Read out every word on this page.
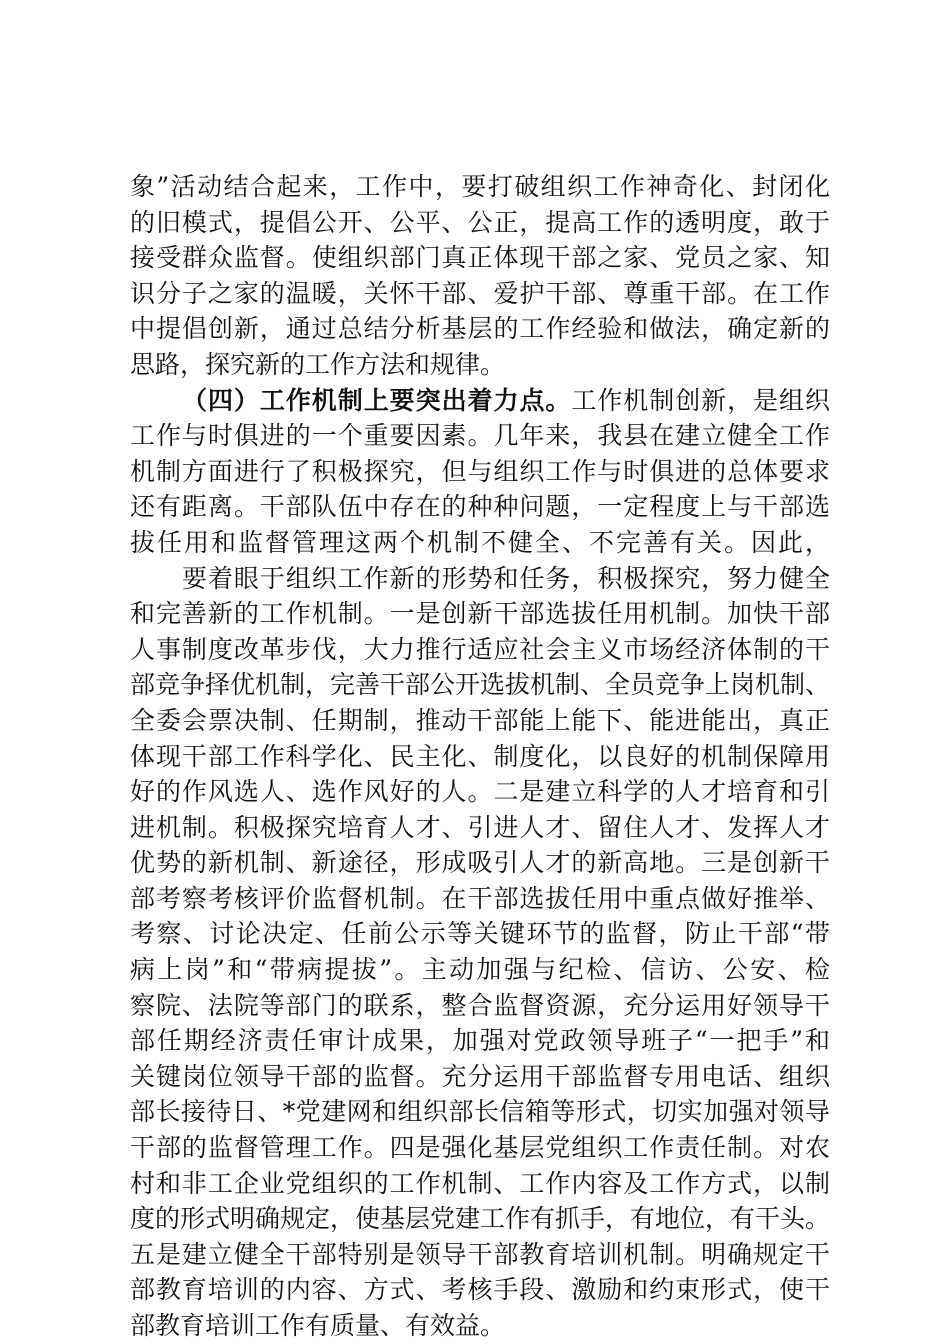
象”活动结合起来，工作中，要打破组织工作神奇化、封闭化
的旧模式，提倡公开、公平、公正，提高工作的透明度，敢于
接受群众监督。使组织部门真正体现干部之家、党员之家、知
识分子之家的温暖，关怀干部、爱护干部、尊重干部。在工作
中提倡创新，通过总结分析基层的工作经验和做法，确定新的
思路，探究新的工作方法和规律。
（四）工作机制上要突出着力点。工作机制创新，是组织
工作与时俱进的一个重要因素。几年来，我县在建立健全工作
机制方面进行了积极探究，但与组织工作与时俱进的总体要求
还有距离。干部队伍中存在的种种问题，一定程度上与干部选
拔任用和监督管理这两个机制不健全、不完善有关。因此，
要着眼于组织工作新的形势和任务，积极探究，努力健全
和完善新的工作机制。一是创新干部选拔任用机制。加快干部
人事制度改革步伐，大力推行适应社会主义市场经济体制的干
部竞争择优机制，完善干部公开选拔机制、全员竞争上岗机制、
全委会票决制、任期制，推动干部能上能下、能进能出，真正
体现干部工作科学化、民主化、制度化，以良好的机制保障用
好的作风选人、选作风好的人。二是建立科学的人才培育和引
进机制。积极探究培育人才、引进人才、留住人才、发挥人才
优势的新机制、新途径，形成吸引人才的新高地。三是创新干
部考察考核评价监督机制。在干部选拔任用中重点做好推举、
考察、讨论决定、任前公示等关键环节的监督，防止干部“带
病上岗”和“带病提拔”。主动加强与纪检、信访、公安、检
察院、法院等部门的联系，整合监督资源，充分运用好领导干
部任期经济责任审计成果，加强对党政领导班子“一把手”和
关键岗位领导干部的监督。充分运用干部监督专用电话、组织
部长接待日、*党建网和组织部长信箱等形式，切实加强对领导
干部的监督管理工作。四是强化基层党组织工作责任制。对农
村和非工企业党组织的工作机制、工作内容及工作方式，以制
度的形式明确规定，使基层党建工作有抓手，有地位，有干头。
五是建立健全干部特别是领导干部教育培训机制。明确规定干
部教育培训的内容、方式、考核手段、激励和约束形式，使干
部教育培训工作有质量、有效益。
